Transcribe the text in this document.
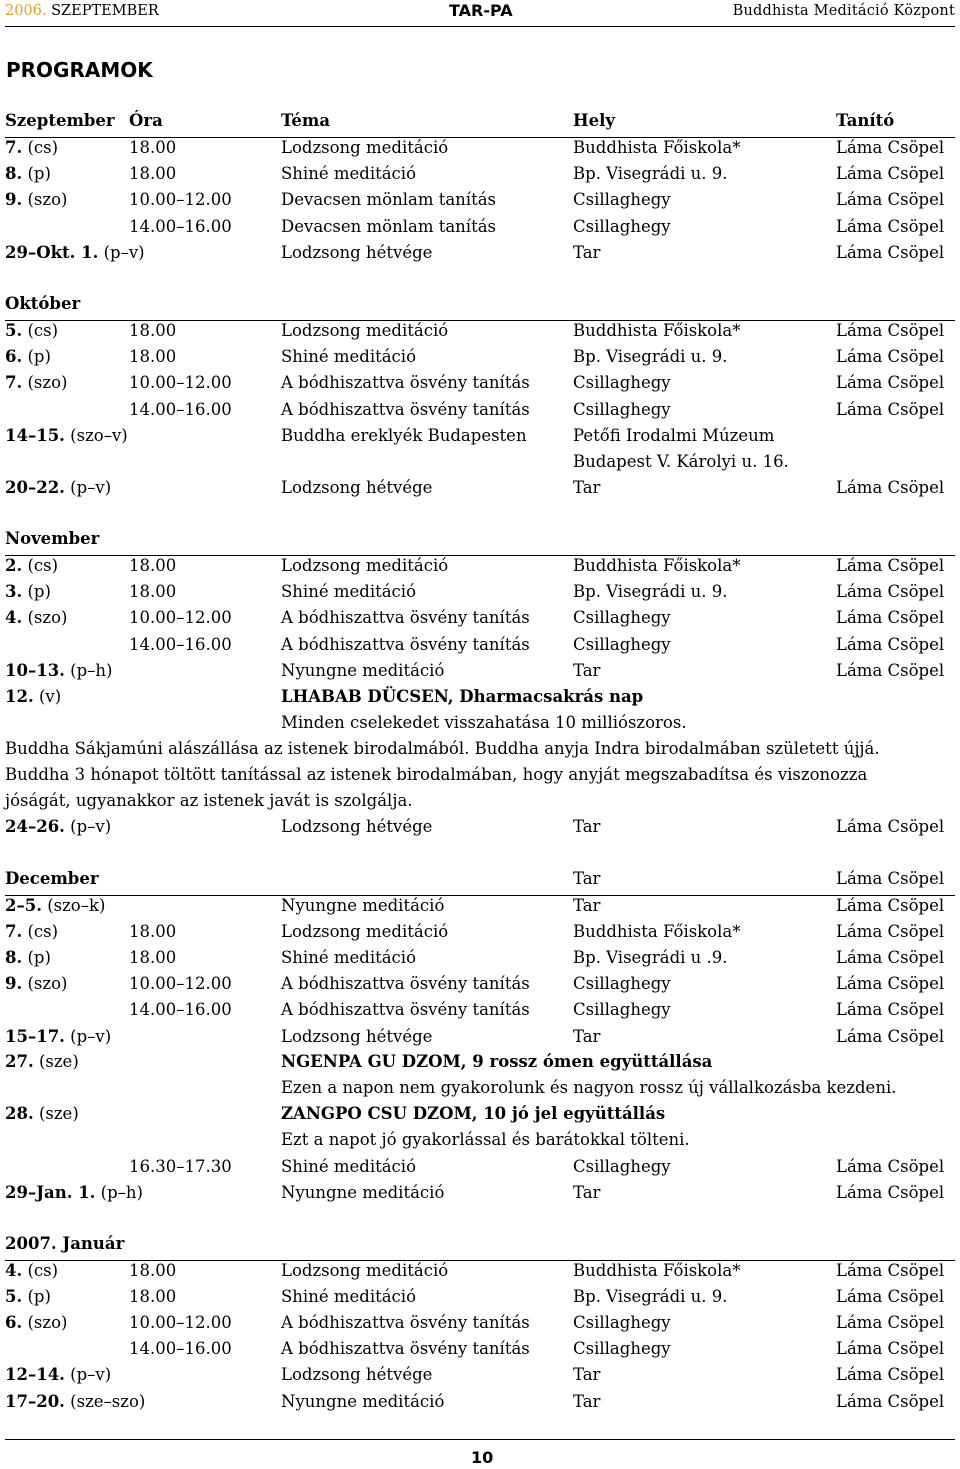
2006. SZEPTEMBER	TAR-PA	Buddhista Meditáció Központ
PROGRAMOK
Szeptember Óra	Téma	Hely	Tanító
7. (cs)	18.00	Lodzsong meditáció	Buddhista Főiskola*	Láma Csöpel
8. (p)	18.00	Shiné meditáció	Bp. Visegrádi u. 9.	Láma Csöpel
9. (szo)	10.00–12.00	Devacsen mönlam tanítás	Csillaghegy	Láma Csöpel
14.00–16.00	Devacsen mönlam tanítás	Csillaghegy	Láma Csöpel
29–Okt. 1. (p–v)	Lodzsong hétvége	Tar	Láma Csöpel
Október
5. (cs)	18.00	Lodzsong meditáció	Buddhista Főiskola*	Láma Csöpel
6. (p)	18.00	Shiné meditáció	Bp. Visegrádi u. 9.	Láma Csöpel
7. (szo)	10.00–12.00	A bódhiszattva ösvény tanítás	Csillaghegy	Láma Csöpel
14.00–16.00	A bódhiszattva ösvény tanítás	Csillaghegy	Láma Csöpel
14–15. (szo–v)	Buddha ereklyék Budapesten	Petőfi Irodalmi Múzeum
Budapest V. Károlyi u. 16.
20–22. (p–v)	Lodzsong hétvége	Tar	Láma Csöpel
November
2. (cs)	18.00	Lodzsong meditáció	Buddhista Főiskola*	Láma Csöpel
3. (p)	18.00	Shiné meditáció	Bp. Visegrádi u. 9.	Láma Csöpel
4. (szo)	10.00–12.00	A bódhiszattva ösvény tanítás	Csillaghegy	Láma Csöpel
14.00–16.00	A bódhiszattva ösvény tanítás	Csillaghegy	Láma Csöpel
10–13. (p–h)	Nyungne meditáció	Tar	Láma Csöpel
12. (v)	LHABAB DÜCSEN, Dharmacsakrás nap
Minden cselekedet visszahatása 10 milliószoros.
Buddha Sákjamúni alászállása az istenek birodalmából. Buddha anyja Indra birodalmában született újjá.
Buddha 3 hónapot töltött tanítással az istenek birodalmában, hogy anyját megszabadítsa és viszonozza
jóságát, ugyanakkor az istenek javát is szolgálja.
24–26. (p–v)	Lodzsong hétvége	Tar	Láma Csöpel
December	Tar	Láma Csöpel
2–5. (szo–k)	Nyungne meditáció	Tar	Láma Csöpel
7. (cs)	18.00	Lodzsong meditáció	Buddhista Főiskola*	Láma Csöpel
8. (p)	18.00	Shiné meditáció	Bp. Visegrádi u .9.	Láma Csöpel
9. (szo)	10.00–12.00	A bódhiszattva ösvény tanítás	Csillaghegy	Láma Csöpel
14.00–16.00	A bódhiszattva ösvény tanítás	Csillaghegy	Láma Csöpel
15–17. (p–v)	Lodzsong hétvége	Tar	Láma Csöpel
27. (sze)	NGENPA GU DZOM, 9 rossz ómen együttállása
Ezen a napon nem gyakorolunk és nagyon rossz új vállalkozásba kezdeni.
28. (sze)	ZANGPO CSU DZOM, 10 jó jel együttállás
Ezt a napot jó gyakorlással és barátokkal tölteni.
16.30–17.30	Shiné meditáció	Csillaghegy	Láma Csöpel
29–Jan. 1. (p–h)	Nyungne meditáció	Tar	Láma Csöpel
2007. Január
4. (cs)	18.00	Lodzsong meditáció	Buddhista Főiskola*	Láma Csöpel
5. (p)	18.00	Shiné meditáció	Bp. Visegrádi u. 9.	Láma Csöpel
6. (szo)	10.00–12.00	A bódhiszattva ösvény tanítás	Csillaghegy	Láma Csöpel
14.00–16.00	A bódhiszattva ösvény tanítás	Csillaghegy	Láma Csöpel
12–14. (p–v)	Lodzsong hétvége	Tar	Láma Csöpel
17–20. (sze–szo)	Nyungne meditáció	Tar	Láma Csöpel
10
